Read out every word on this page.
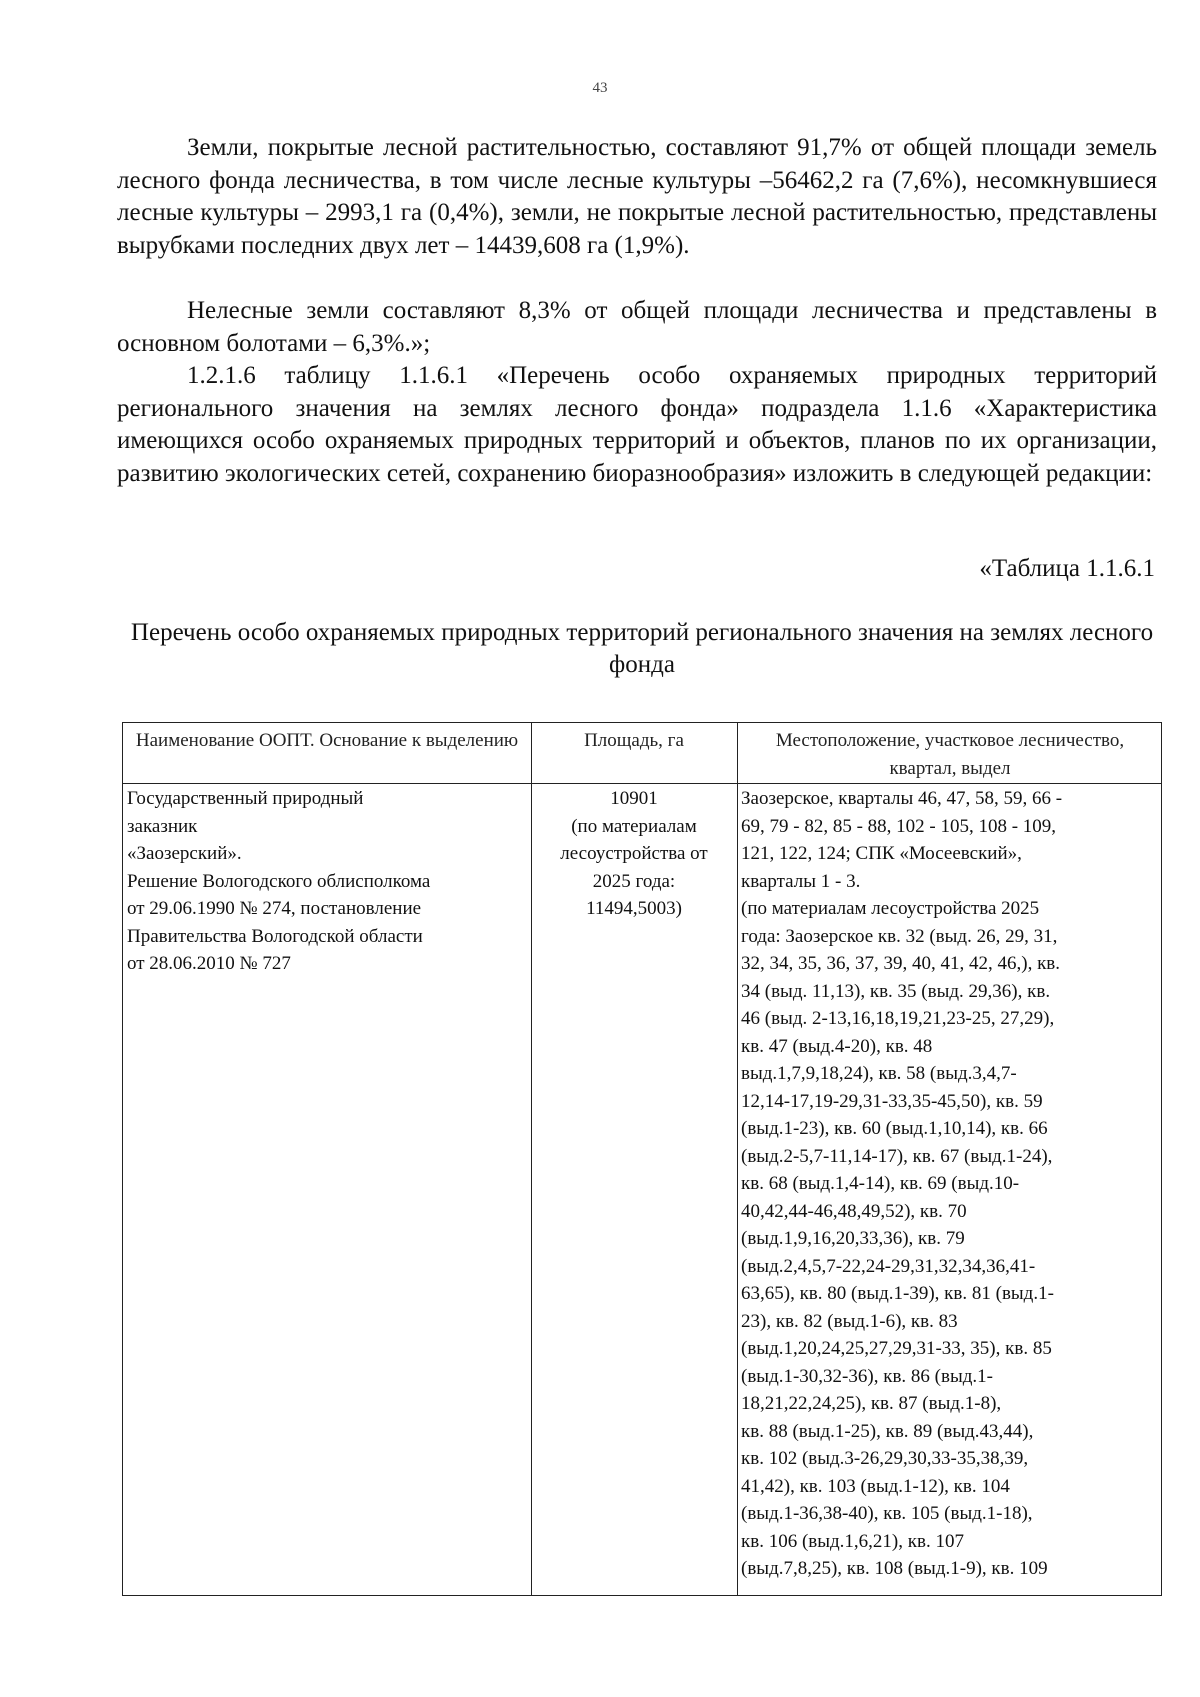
43

Земли, покрытые лесной растительностью, составляют 91,7% от общей площади земель лесного фонда лесничества, в том числе лесные культуры –56462,2 га (7,6%), несомкнувшиеся лесные культуры – 2993,1 га (0,4%), земли, не покрытые лесной растительностью, представлены вырубками последних двух лет – 14439,608 га (1,9%).

Нелесные земли составляют 8,3% от общей площади лесничества и представлены в основном болотами – 6,3%.»;

1.2.1.6 таблицу 1.1.6.1 «Перечень особо охраняемых природных территорий регионального значения на землях лесного фонда» подраздела 1.1.6 «Характеристика имеющихся особо охраняемых природных территорий и объектов, планов по их организации, развитию экологических сетей, сохранению биоразнообразия» изложить в следующей редакции:

«Таблица 1.1.6.1
Перечень особо охраняемых природных территорий регионального значения на землях лесного фонда
Наименование ООПТ. Основание к выделению	Площадь, га	Местоположение, участковое лесничество, квартал, выдел
Государственный природный
заказник
«Заозерский».
Решение Вологодского облисполкома
от 29.06.1990 № 274, постановление
Правительства Вологодской области
от 28.06.2010 № 727
10901
(по материалам
лесоустройства от
2025 года:
11494,5003)
Заозерское, кварталы 46, 47, 58, 59, 66 -
69, 79 - 82, 85 - 88, 102 - 105, 108 - 109,
121, 122, 124; СПК «Мосеевский»,
кварталы 1 - 3.
(по материалам лесоустройства 2025
года: Заозерское кв. 32 (выд. 26, 29, 31,
32, 34, 35, 36, 37, 39, 40, 41, 42, 46,), кв.
34 (выд. 11,13), кв. 35 (выд. 29,36), кв.
46 (выд. 2-13,16,18,19,21,23-25, 27,29),
кв. 47 (выд.4-20), кв. 48
выд.1,7,9,18,24), кв. 58 (выд.3,4,7-
12,14-17,19-29,31-33,35-45,50), кв. 59
(выд.1-23), кв. 60 (выд.1,10,14), кв. 66
(выд.2-5,7-11,14-17), кв. 67 (выд.1-24),
кв. 68 (выд.1,4-14), кв. 69 (выд.10-
40,42,44-46,48,49,52), кв. 70
(выд.1,9,16,20,33,36), кв. 79
(выд.2,4,5,7-22,24-29,31,32,34,36,41-
63,65), кв. 80 (выд.1-39), кв. 81 (выд.1-
23), кв. 82 (выд.1-6), кв. 83
(выд.1,20,24,25,27,29,31-33, 35), кв. 85
(выд.1-30,32-36), кв. 86 (выд.1-
18,21,22,24,25), кв. 87 (выд.1-8),
кв. 88 (выд.1-25), кв. 89 (выд.43,44),
кв. 102 (выд.3-26,29,30,33-35,38,39,
41,42), кв. 103 (выд.1-12), кв. 104
(выд.1-36,38-40), кв. 105 (выд.1-18),
кв. 106 (выд.1,6,21), кв. 107
(выд.7,8,25), кв. 108 (выд.1-9), кв. 109
